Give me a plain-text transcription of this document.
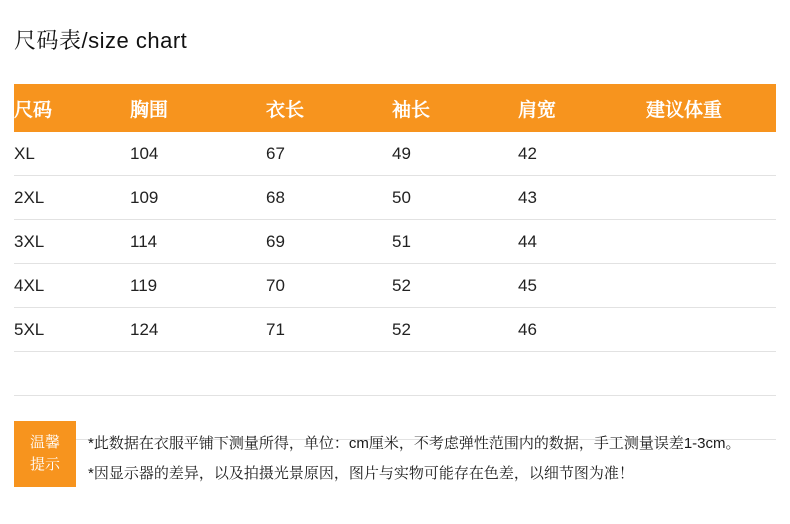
尺码表/size chart
尺码	胸围	衣长	袖长	肩宽	建议体重
XL	104	67	49	42	
2XL	109	68	50	43	
3XL	114	69	51	44	
4XL	119	70	52	45	
5XL	124	71	52	46	

温馨
提示
*此数据在衣服平铺下测量所得，单位：cm厘米，不考虑弹性范围内的数据，手工测量误差1-3cm。
*因显示器的差异，以及拍摄光景原因，图片与实物可能存在色差，以细节图为准！
